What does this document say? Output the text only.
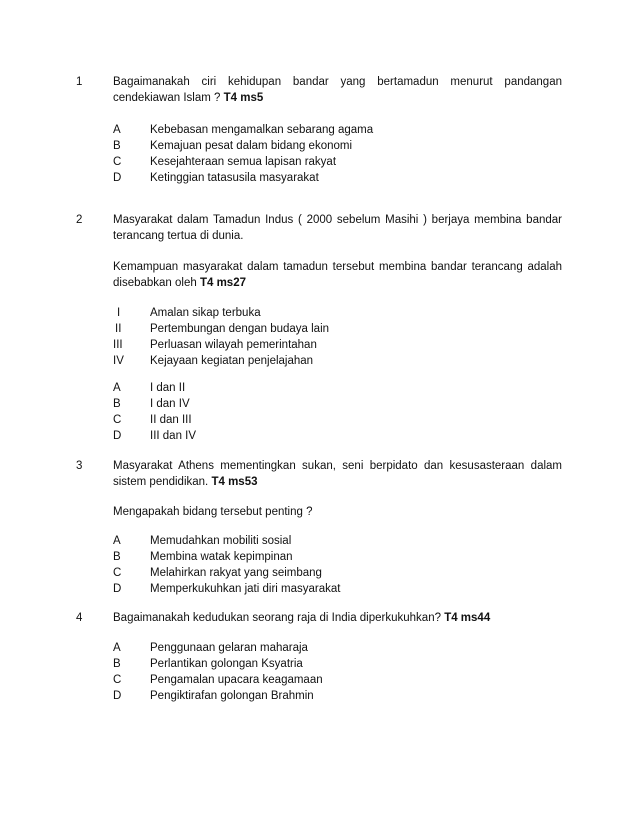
1	Bagaimanakah ciri kehidupan bandar yang bertamadun menurut pandangan cendekiawan Islam ? T4 ms5
A	Kebebasan mengamalkan sebarang agama
B	Kemajuan pesat dalam bidang ekonomi
C Kesejahteraan semua lapisan rakyat
D Ketinggian tatasusila masyarakat
2	Masyarakat dalam Tamadun Indus ( 2000 sebelum Masihi ) berjaya membina bandar terancang tertua di dunia.
Kemampuan masyarakat dalam tamadun tersebut membina bandar terancang adalah disebabkan oleh T4 ms27
I	Amalan sikap terbuka
II Pertembungan dengan budaya lain
III Perluasan wilayah pemerintahan
IV Kejayaan kegiatan penjelajahan
A	I dan II
B	I dan IV
C II dan III
D III dan IV
3	Masyarakat Athens mementingkan sukan, seni berpidato dan kesusasteraan dalam sistem pendidikan. T4 ms53
Mengapakah bidang tersebut penting ?
A	Memudahkan mobiliti sosial
B	Membina watak kepimpinan
C Melahirkan rakyat yang seimbang
D Memperkukuhkan jati diri masyarakat
4	Bagaimanakah kedudukan seorang raja di India diperkukuhkan? T4 ms44
A	Penggunaan gelaran maharaja
B	Perlantikan golongan Ksyatria
C Pengamalan upacara keagamaan
D Pengiktirafan golongan Brahmin
